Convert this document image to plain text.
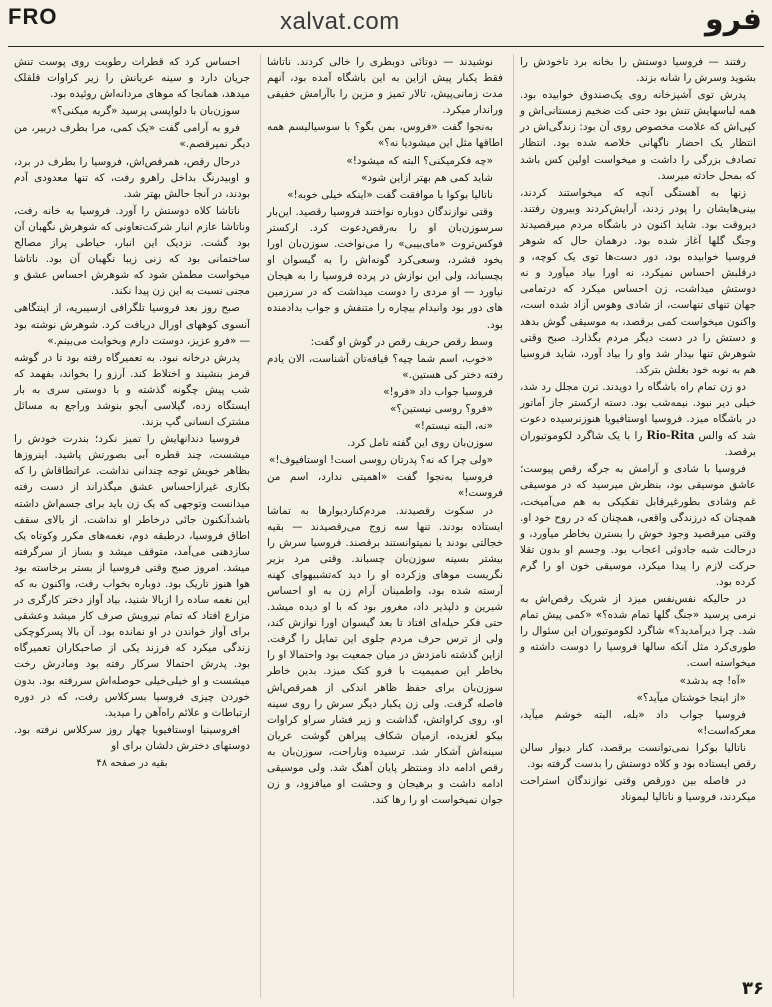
FRO	xalvat.com	فرو

رفتند — فروسیا دوستش را بخانه برد تاخودش را بشوید وسرش را شانه بزند.

پدرش توی آشپزخانه روی یک‌صندوق خوابیده بود. همه لباسهایش تنش بود حتی کت ضخیم زمستانی‌اش و کپی‌اش که علامت مخصوص روی آن بود: زندگی‌اش در انتظار یک احضار ناگهانی خلاصه شده بود. انتظار تصادف بزرگی را داشت و میخواست اولین کس باشد که بمحل حادثه میرسد.

زنها به آهستگی آنچه که میخواستند کردند، بینی‌هایشان را پودر زدند، آرایش‌کردند وبیرون رفتند. دیروقت بود. شاید اکنون در باشگاه مردم میرقصیدند وجنگ گلها آغاز شده بود. درهمان حال که شوهر فروسیا خوابیده بود، دور دست‌ها توی یک کوچه، و درقلبش احساس نمیکرد، نه اورا بیاد میآورد و نه دوستش میداشت، زن احساس میکرد که درتمامی جهان تنهای تنهاست، از شادی وهوس آزاد شده است، واکنون میخواست کمی برقصد، به موسیقی گوش بدهد و دستش را در دست دیگر مردم بگذارد. صبح وقتی شوهرش تنها بیدار شد واو را بیاد آورد، شاید فروسیا هم به نوبه خود بغلش بترکد.

دو زن تمام راه باشگاه را دویدند. ترن مجلل رد شد، خیلی دیر نبود. نیمه‌شب بود. دسته ارکستر جاز آماتور در باشگاه میزد. فروسیا اوستافیویا هنوزنرسیده دعوت شد که والس Rio-Rita را با یک شاگرد لکوموتیوران برقصد.

فروسیا با شادی و آرامش به جرگه رقص پیوست؛ عاشق موسیقی بود، بنظرش میرسید که در موسیقی غم وشادی بطورغیرقابل تفکیکی به هم می‌آمیخت، همچنان که درزندگی واقعی، همچنان که در روح خود او. وقتی میرقصید وجود خوش را بسترن بخاطر میآورد، و درحالت شبه جادوئی اعجاب بود. وجسم او بدون تقلا حرکت لازم را پیدا میکرد، موسیقی خون او را گرم کرده بود.

در حالیکه نفس‌نفس میزد از شریک رقص‌اش به نرمی پرسید «جنگ گلها تمام شده؟» «کمی پیش تمام شد. چرا دیرآمدید؟» شاگرد لکوموتیوران این سئوال را طوری‌کرد مثل آنکه سالها فروسیا را دوست داشته و میخواسته است.

«آه! چه بدشد»

«از اینجا خوشتان میآید؟»

فروسیا جواب داد «بله، البته خوشم میآید، معرکه‌است!»

ناتالیا بوکرا نمی‌توانست برقصد، کنار دیوار سالن رقص ایستاده بود و کلاه دوستش را بدست گرفته بود.

در فاصله بین دورقص وقتی نوازندگان استراحت میکردند، فروسیا و ناتالیا لیموناد

نوشیدند — دوتائی دوبطری را خالی کردند. ناتاشا فقط یکبار پیش ازاین به این باشگاه آمده بود، آنهم مدت زمانی‌پیش، تالار تمیز و مزین را باآرامش خفیفی وراندار میکرد.

به‌نجوا گفت «فروس، بمن بگو؟ با سوسیالیسم همه اطاقها مثل این میشودیا نه؟»

«چه فکرمیکنی؟ البته که میشود!»

شاید کمی هم بهتر ازاین شود»

ناتالیا بوکوا با موافقت گفت «اینکه خیلی خوبه!»

وقتی نوازندگان دوباره نواختند فروسیا رقصید. این‌بار سرسوزن‌بان او را به‌رقص‌دعوت کرد. ارکستر فوکس‌تروت «مای‌بیبی» را می‌نواخت. سوزن‌بان اورا بخود فشرد، وسعی‌کرد گونه‌اش را به گیسوان او بچسباند، ولی این نوازش در پرده فروسیا را به هیجان نیاورد — او مردی را دوست میداشت که در سرزمین های دور بود وانبدام بیچاره را متنفش و جواب بدادمنده بود.

وسط رقص حریف رقص در گوش او گفت:

«خوب، اسم شما چیه؟ قیافه‌تان آشناست، الان یادم رفته دختر کی هستین.»

فروسیا جواب داد «فرو!»

«فرو؟ روسی نیستین؟»

«نه، البته نیستم!»

سوزن‌بان روی این گفته تامل کرد.

«ولی چرا که نه؟ پدرتان روسی است! اوستافیوف!»

فروسیا به‌نجوا گفت «اهمیتی ندارد، اسم من فروست!»

در سکوت رقصیدند. مردم‌کناردیوارها به تماشا ایستاده بودند. تنها سه زوج می‌رقصیدند — بقیه خجالتی بودند یا نمیتوانستند برقصند. فروسیا سرش را بیشتر بسینه سوزن‌بان چسباند. وقتی مرد بزیر نگریست موهای وزکرده او را دید که‌تشبیهوای کهنه آرسته شده بود، واطمینان آرام زن به او احساس شیرین و دلپذیر داد، مغرور بود که با او دیده میشد. حتی فکر حیله‌ای افتاد تا بعد گیسوان اورا نوازش کند، ولی از ترس حرف مردم جلوی این تمایل را گرفت. ازاین گذشته نامزدش در میان جمعیت بود واحتمالا او را بخاطر این صمیمیت با فرو کتک میزد. بدین خاطر سوزن‌بان برای حفظ ظاهر اندکی از همرقص‌اش فاصله گرفت. ولی زن یکبار دیگر سرش را روی سینه او، روی کراواتش، گذاشت و زیر فشار سراو کراوات بیکو لغزیده، ازمیان شکاف پیراهن گوشت عریان سینه‌اش آشکار شد. ترسیده وناراحت، سوزن‌بان به رقص ادامه داد ومنتظر پایان آهنگ شد. ولی موسیقی ادامه داشت و برهیجان و وحشت او میافزود، و زن جوان نمیخواست او را رها کند.

احساس کرد که قطرات رطوبت روی پوست تنش جریان دارد و سینه عریانش را زیر کراوات قلقلک میدهد، همانجا که موهای مردانه‌اش روئیده بود.

سوزن‌بان با دلواپسی پرسید «گریه میکنی؟»

فرو به آرامی گفت «یک کمی، مرا بطرف دربیر، من دیگر نمیرقصم.»

درحال رقص، همرقص‌اش، فروسیا را بطرف در برد، و اوبیدرنگ بداخل راهرو رفت، که تنها معدودی آدم بودند، در آنجا حالش بهتر شد.

ناتاشا کلاه دوستش را آورد. فروسیا به خانه رفت، وناتاشا عازم انبار شرکت‌تعاونی که شوهرش نگهبان آن بود گشت. نزدیک این انبار، حیاطی پراز مصالح ساختمانی بود که زنی زیبا نگهبان آن بود. ناتاشا میخواست مطمئن شود که شوهرش احساس عشق و مجنی نسبت به این زن پیدا نکند.

صبح روز بعد فروسیا تلگرافی ازسیبریه، از اینتگاهی آنسوی کوههای اورال دریافت کرد. شوهرش نوشته بود— «فرو عزیز، دوستت دارم وبخوابت می‌بینم.»

پدرش درخانه نبود. به تعمیرگاه رفته بود تا در گوشه قرمز بنشیند و اختلاط کند. آرزو را بخواند، بفهمد که شب پیش چگونه گذشته و با دوستی سری به بار ایستگاه زده، گیلاسی آبجو بنوشد وراجع به مسائل مشترک انسانی گپ بزند.

فروسیا دندانهایش را تمیز نکرد؛ بندرت خودش را میشست، چند قطره آبی بصورتش پاشید. اینروزها بظاهر خویش توجه چندانی نداشت. عرا‌تطاقاش را که بکاری غیرازاحساس عشق میگذراند از دست رفته میدانست وتوجهی که یک زن باید برای جسم‌اش داشته باشدآنکنون جائی درخاطر او نداشت. از بالای سقف اطاق فروسیا، درطبقه دوم، نغمه‌های مکرر وکوتاه یک سازدهنی می‌آمد، متوقف میشد و بساز از سرگرفته میشد. امروز صبح وقتی فروسیا از بستر برخاسته بود هوا هنوز تاریک بود. دوباره بخواب رفت، واکنون به که این نغمه ساده را ازبالا شنید، بیاد آواز دختر کارگری در مزارع افتاد که تمام نیرویش صرف کار میشد وعشقی برای آواز خواندن در او نمانده بود. آن بالا پسرکوچکی زندگی میکرد که فرزند یکی از صاحبکاران تعمیرگاه بود. پدرش احتمالا سرکار رفته بود ومادرش رخت میشست و او خیلی‌خیلی حوصله‌اش سررفته بود. بدون خوردن چیزی فروسیا بسرکلاس رفت، که در دوره ارتباطات و علائم راه‌آهن را میدید.

افروسینیا اوستافیویا چهار روز سرکلاس نرفته بود. دوستهای دخترش دلشان برای او

بقیه در صفحه ۴۸
۳۶
